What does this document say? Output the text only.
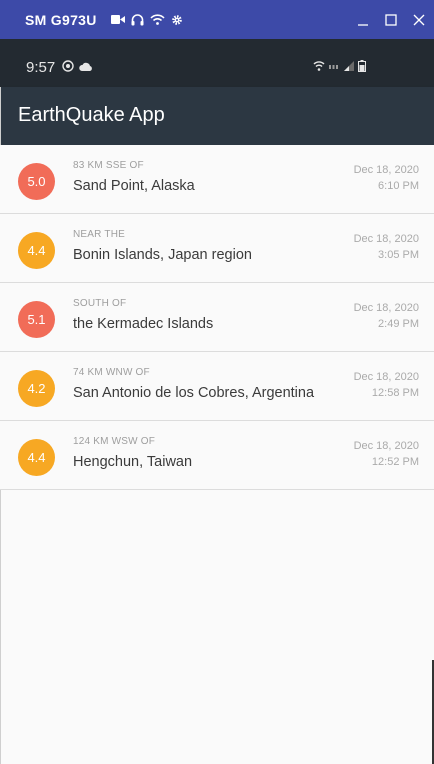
SM G973U
9:57
EarthQuake App
5.0
83 KM SSE OF
Sand Point, Alaska
Dec 18, 2020
6:10 PM
4.4
NEAR THE
Bonin Islands, Japan region
Dec 18, 2020
3:05 PM
5.1
SOUTH OF
the Kermadec Islands
Dec 18, 2020
2:49 PM
4.2
74 KM WNW OF
San Antonio de los Cobres, Argentina
Dec 18, 2020
12:58 PM
4.4
124 KM WSW OF
Hengchun, Taiwan
Dec 18, 2020
12:52 PM
